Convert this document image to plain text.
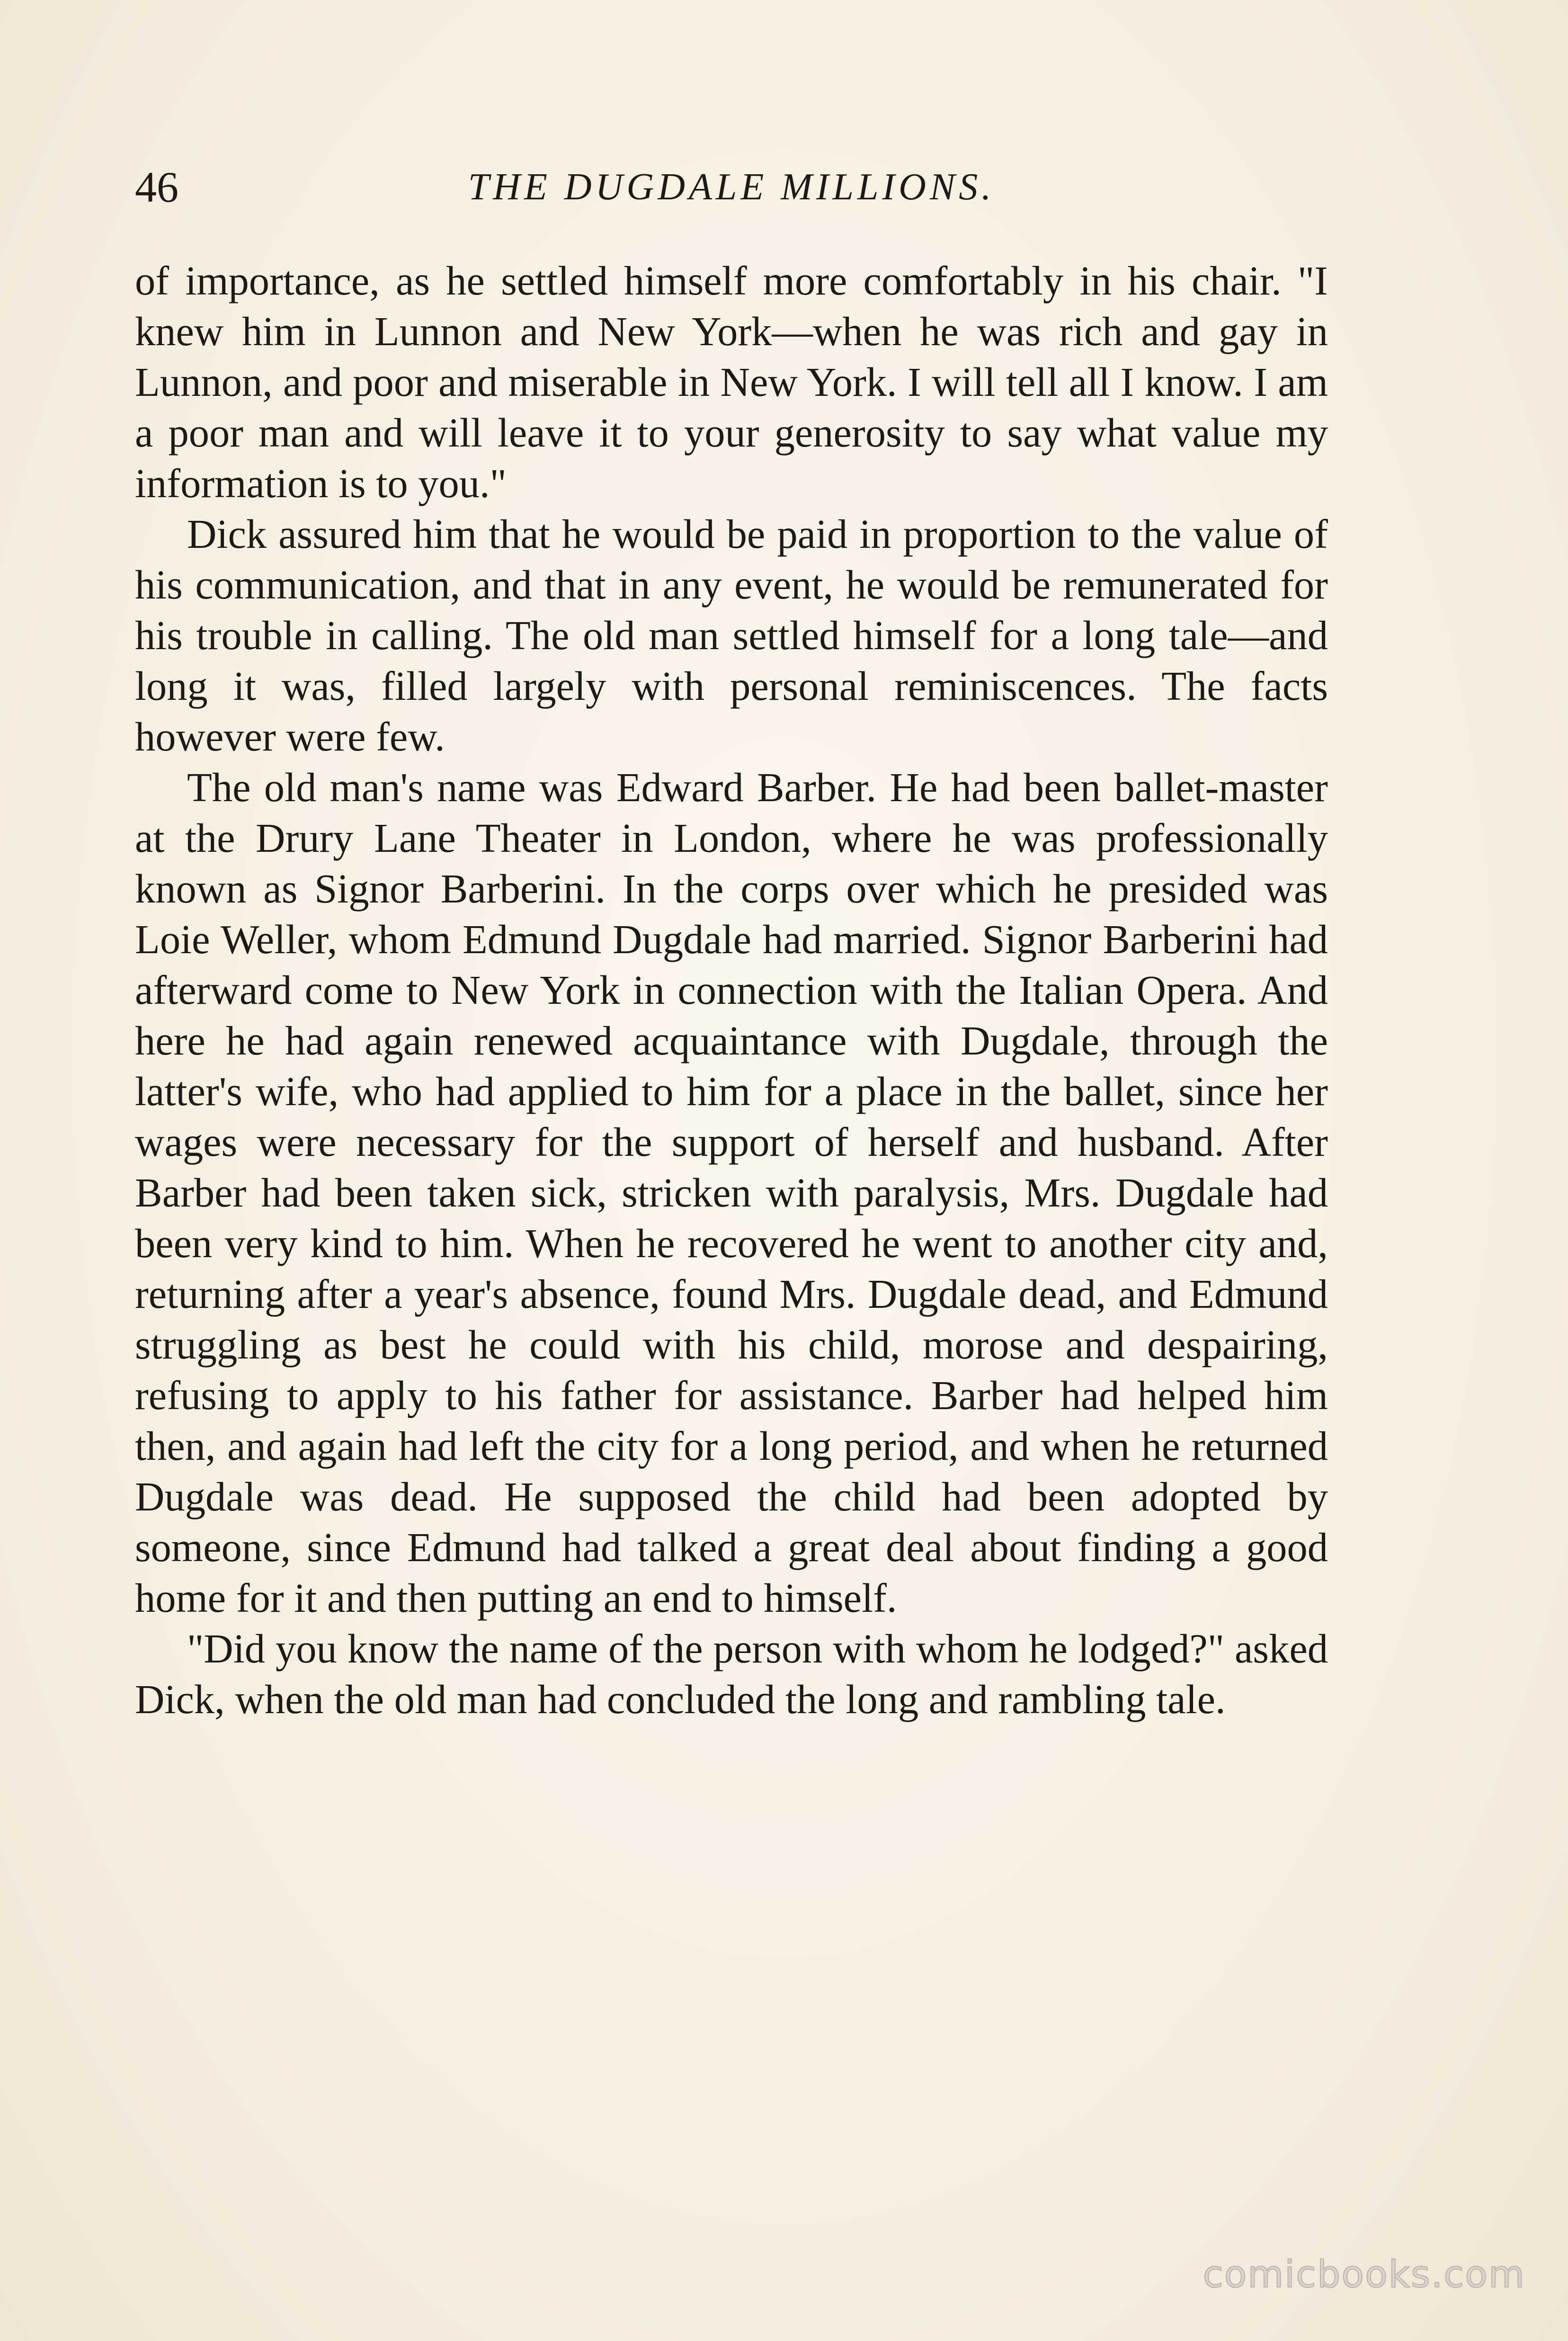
46	THE DUGDALE MILLIONS.

of importance, as he settled himself more comfortably in his chair. "I knew him in Lunnon and New York—when he was rich and gay in Lunnon, and poor and miserable in New York. I will tell all I know. I am a poor man and will leave it to your generosity to say what value my information is to you."

Dick assured him that he would be paid in proportion to the value of his communication, and that in any event, he would be remunerated for his trouble in calling. The old man settled himself for a long tale—and long it was, filled largely with personal reminiscences. The facts however were few.

The old man's name was Edward Barber. He had been ballet-master at the Drury Lane Theater in London, where he was professionally known as Signor Barberini. In the corps over which he presided was Loie Weller, whom Edmund Dugdale had married. Signor Barberini had afterward come to New York in connection with the Italian Opera. And here he had again renewed acquaintance with Dugdale, through the latter's wife, who had applied to him for a place in the ballet, since her wages were necessary for the support of herself and husband. After Barber had been taken sick, stricken with paralysis, Mrs. Dugdale had been very kind to him. When he recovered he went to another city and, returning after a year's absence, found Mrs. Dugdale dead, and Edmund struggling as best he could with his child, morose and despairing, refusing to apply to his father for assistance. Barber had helped him then, and again had left the city for a long period, and when he returned Dugdale was dead. He supposed the child had been adopted by someone, since Edmund had talked a great deal about finding a good home for it and then putting an end to himself.

"Did you know the name of the person with whom he lodged?" asked Dick, when the old man had concluded the long and rambling tale.

comicbooks.com
